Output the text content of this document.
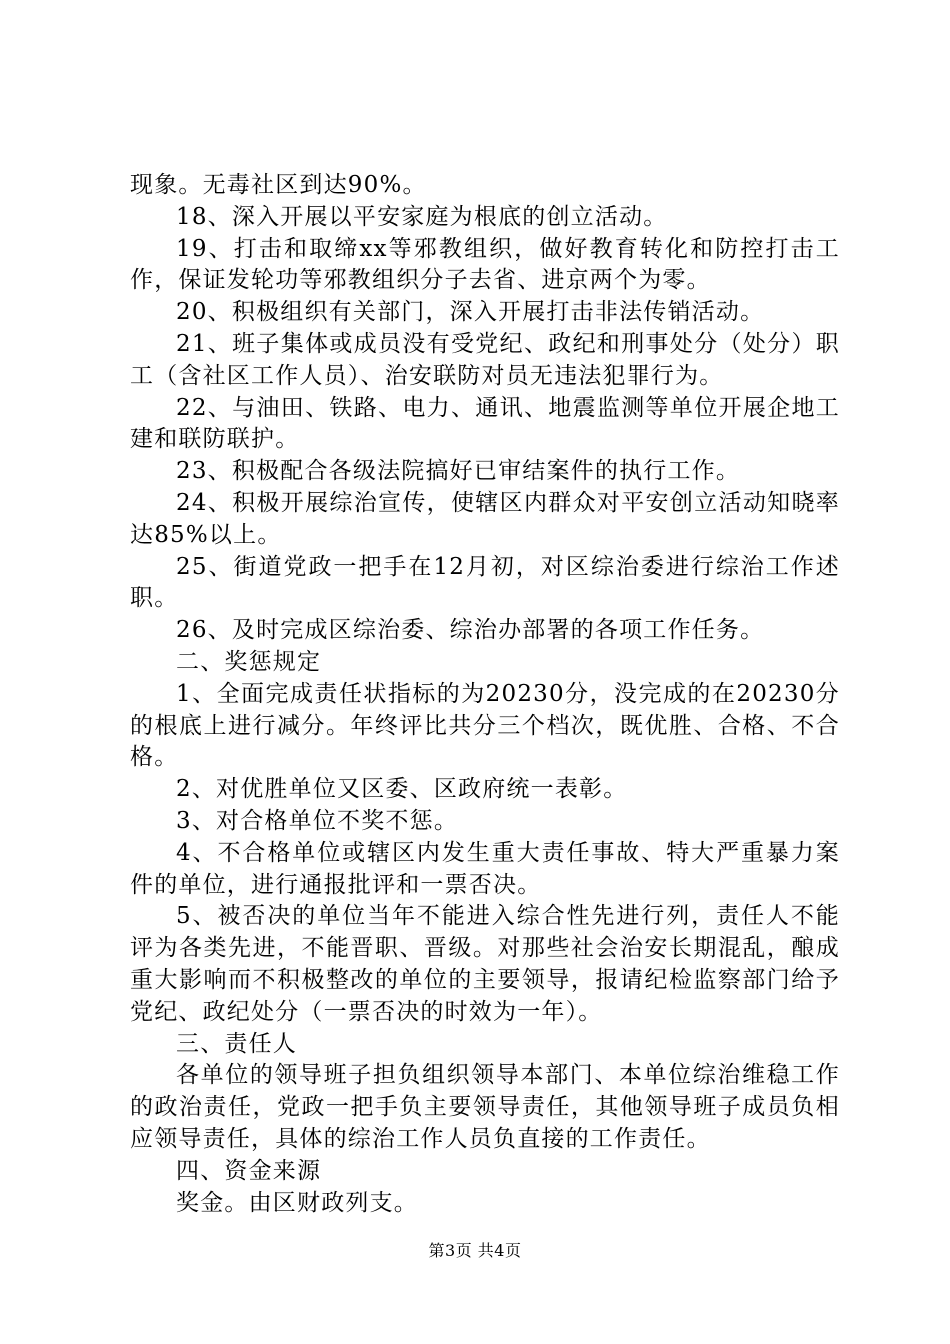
现象。无毒社区到达90%。

18、深入开展以平安家庭为根底的创立活动。

19、打击和取缔xx等邪教组织，做好教育转化和防控打击工作，保证发轮功等邪教组织分子去省、进京两个为零。

20、积极组织有关部门，深入开展打击非法传销活动。

21、班子集体或成员没有受党纪、政纪和刑事处分（处分）职工（含社区工作人员）、治安联防对员无违法犯罪行为。

22、与油田、铁路、电力、通讯、地震监测等单位开展企地工建和联防联护。

23、积极配合各级法院搞好已审结案件的执行工作。

24、积极开展综治宣传，使辖区内群众对平安创立活动知晓率达85%以上。

25、街道党政一把手在12月初，对区综治委进行综治工作述职。

26、及时完成区综治委、综治办部署的各项工作任务。

二、奖惩规定

1、全面完成责任状指标的为20230分，没完成的在20230分的根底上进行减分。年终评比共分三个档次，既优胜、合格、不合格。

2、对优胜单位又区委、区政府统一表彰。

3、对合格单位不奖不惩。

4、不合格单位或辖区内发生重大责任事故、特大严重暴力案件的单位，进行通报批评和一票否决。

5、被否决的单位当年不能进入综合性先进行列，责任人不能评为各类先进，不能晋职、晋级。对那些社会治安长期混乱，酿成重大影响而不积极整改的单位的主要领导，报请纪检监察部门给予党纪、政纪处分（一票否决的时效为一年）。

三、责任人

各单位的领导班子担负组织领导本部门、本单位综治维稳工作的政治责任，党政一把手负主要领导责任，其他领导班子成员负相应领导责任，具体的综治工作人员负直接的工作责任。

四、资金来源

奖金。由区财政列支。

第3页 共4页
